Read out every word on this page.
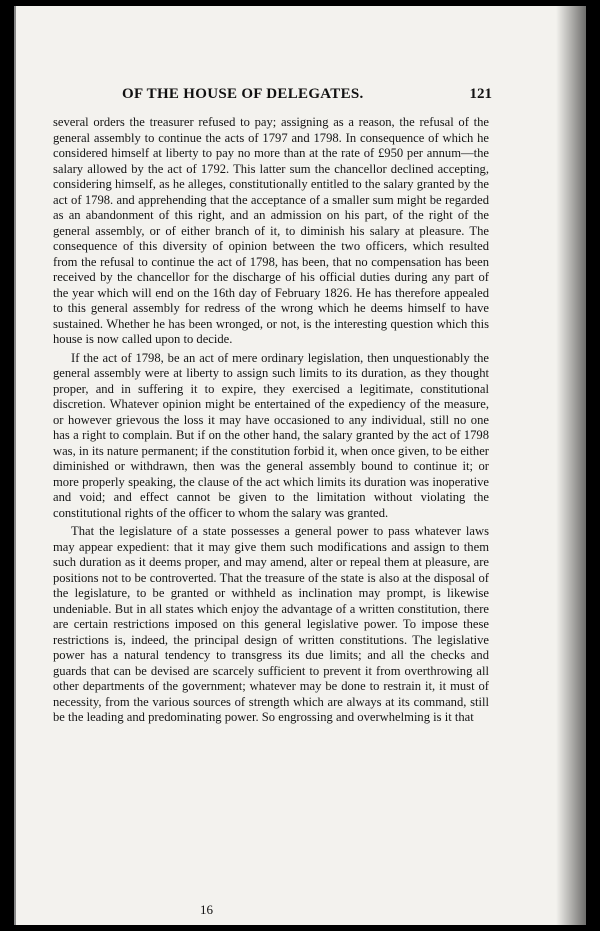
OF THE HOUSE OF DELEGATES.	121

several orders the treasurer refused to pay; assigning as a reason, the refusal of the general assembly to continue the acts of 1797 and 1798. In consequence of which he considered himself at liberty to pay no more than at the rate of £950 per annum—the salary allowed by the act of 1792. This latter sum the chancellor declined accepting, considering himself, as he alleges, constitutionally entitled to the salary granted by the act of 1798. and apprehending that the acceptance of a smaller sum might be regarded as an abandonment of this right, and an admission on his part, of the right of the general assembly, or of either branch of it, to diminish his salary at pleasure. The consequence of this diversity of opinion between the two officers, which resulted from the refusal to continue the act of 1798, has been, that no compensation has been received by the chancellor for the discharge of his official duties during any part of the year which will end on the 16th day of February 1826. He has therefore appealed to this general assembly for redress of the wrong which he deems himself to have sustained. Whether he has been wronged, or not, is the interesting question which this house is now called upon to decide.

If the act of 1798, be an act of mere ordinary legislation, then unquestionably the general assembly were at liberty to assign such limits to its duration, as they thought proper, and in suffering it to expire, they exercised a legitimate, constitutional discretion. Whatever opinion might be entertained of the expediency of the measure, or however grievous the loss it may have occasioned to any individual, still no one has a right to complain. But if on the other hand, the salary granted by the act of 1798 was, in its nature permanent; if the constitution forbid it, when once given, to be either diminished or withdrawn, then was the general assembly bound to continue it; or more properly speaking, the clause of the act which limits its duration was inoperative and void; and effect cannot be given to the limitation without violating the constitutional rights of the officer to whom the salary was granted.

That the legislature of a state possesses a general power to pass whatever laws may appear expedient: that it may give them such modifications and assign to them such duration as it deems proper, and may amend, alter or repeal them at pleasure, are positions not to be controverted. That the treasure of the state is also at the disposal of the legislature, to be granted or withheld as inclination may prompt, is likewise undeniable. But in all states which enjoy the advantage of a written constitution, there are certain restrictions imposed on this general legislative power. To impose these restrictions is, indeed, the principal design of written constitutions. The legislative power has a natural tendency to transgress its due limits; and all the checks and guards that can be devised are scarcely sufficient to prevent it from overthrowing all other departments of the government; whatever may be done to restrain it, it must of necessity, from the various sources of strength which are always at its command, still be the leading and predominating power. So engrossing and overwhelming is it that

16
